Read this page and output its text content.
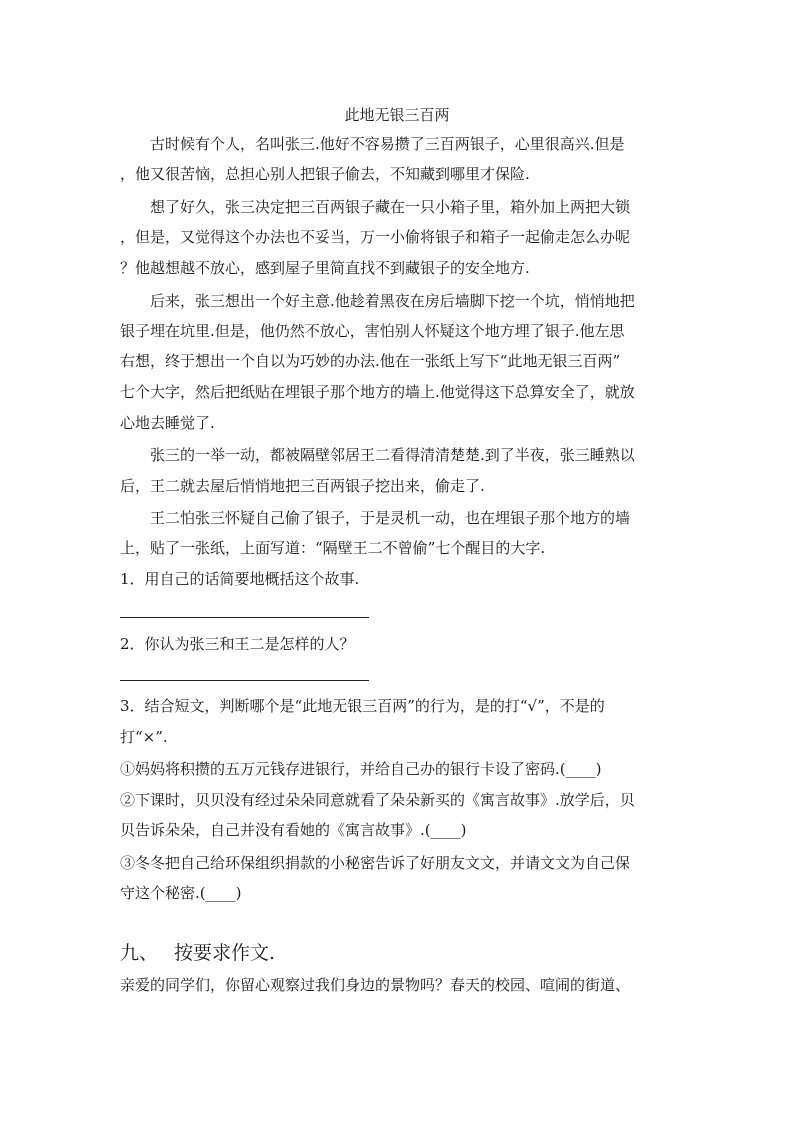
此地无银三百两
　　古时候有个人，名叫张三.他好不容易攒了三百两银子，心里很高兴.但是
，他又很苦恼，总担心别人把银子偷去，不知藏到哪里才保险.
　　想了好久，张三决定把三百两银子藏在一只小箱子里，箱外加上两把大锁
，但是，又觉得这个办法也不妥当，万一小偷将银子和箱子一起偷走怎么办呢
？他越想越不放心，感到屋子里简直找不到藏银子的安全地方.
　　后来，张三想出一个好主意.他趁着黑夜在房后墙脚下挖一个坑，悄悄地把
银子埋在坑里.但是，他仍然不放心，害怕别人怀疑这个地方埋了银子.他左思
右想，终于想出一个自以为巧妙的办法.他在一张纸上写下“此地无银三百两”
七个大字，然后把纸贴在埋银子那个地方的墙上.他觉得这下总算安全了，就放
心地去睡觉了.
　　张三的一举一动，都被隔壁邻居王二看得清清楚楚.到了半夜，张三睡熟以
后，王二就去屋后悄悄地把三百两银子挖出来，偷走了.
　　王二怕张三怀疑自己偷了银子，于是灵机一动，也在埋银子那个地方的墙
上，贴了一张纸，上面写道：“隔壁王二不曾偷”七个醒目的大字.
1．用自己的话简要地概括这个故事.
2．你认为张三和王二是怎样的人？
3．结合短文，判断哪个是“此地无银三百两”的行为，是的打“√”，不是的
打“×”.
①妈妈将积攒的五万元钱存进银行，并给自己办的银行卡设了密码.(____)
②下课时，贝贝没有经过朵朵同意就看了朵朵新买的《寓言故事》.放学后，贝
贝告诉朵朵，自己并没有看她的《寓言故事》.(____)
③冬冬把自己给环保组织捐款的小秘密告诉了好朋友文文，并请文文为自己保
守这个秘密.(____)
九、 按要求作文.
亲爱的同学们，你留心观察过我们身边的景物吗？春天的校园、喧闹的街道、
